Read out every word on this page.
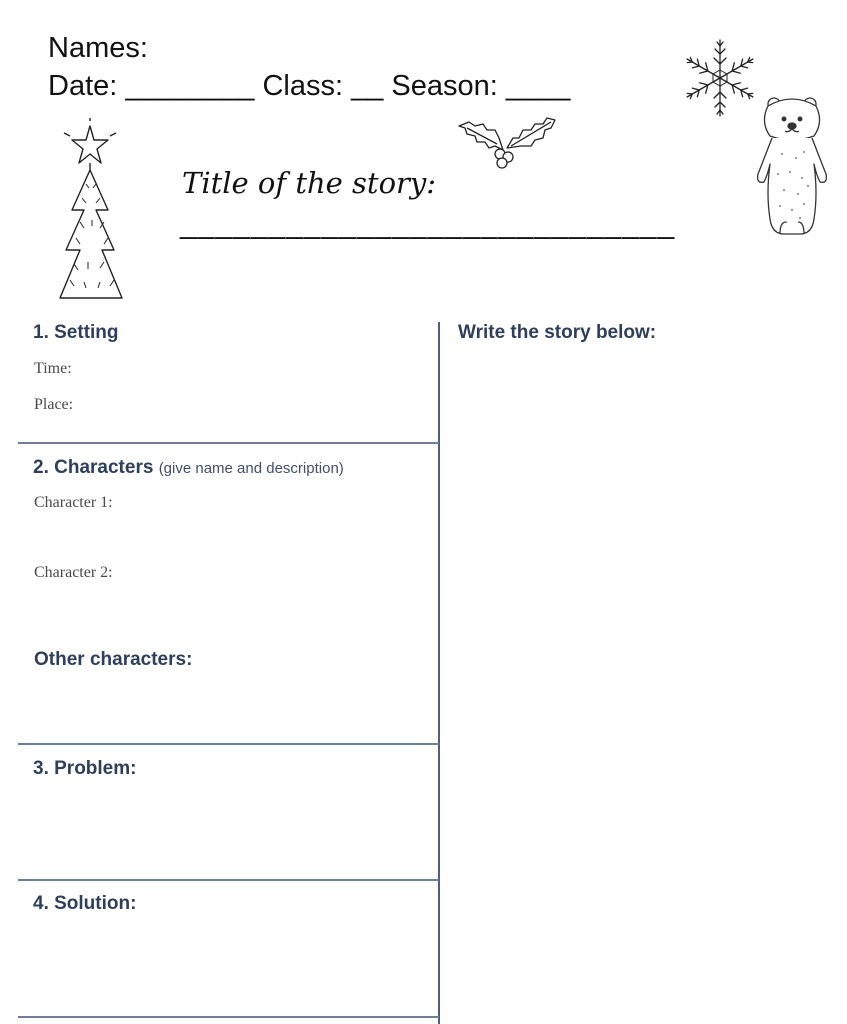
Names:
Date: ________ Class: __ Season: ____
Title of the story:
____________________________
1. Setting
Time:
Place:
2. Characters (give name and description)
Character 1:
Character 2:
Other characters:
3. Problem:
4. Solution:
Write the story below:
